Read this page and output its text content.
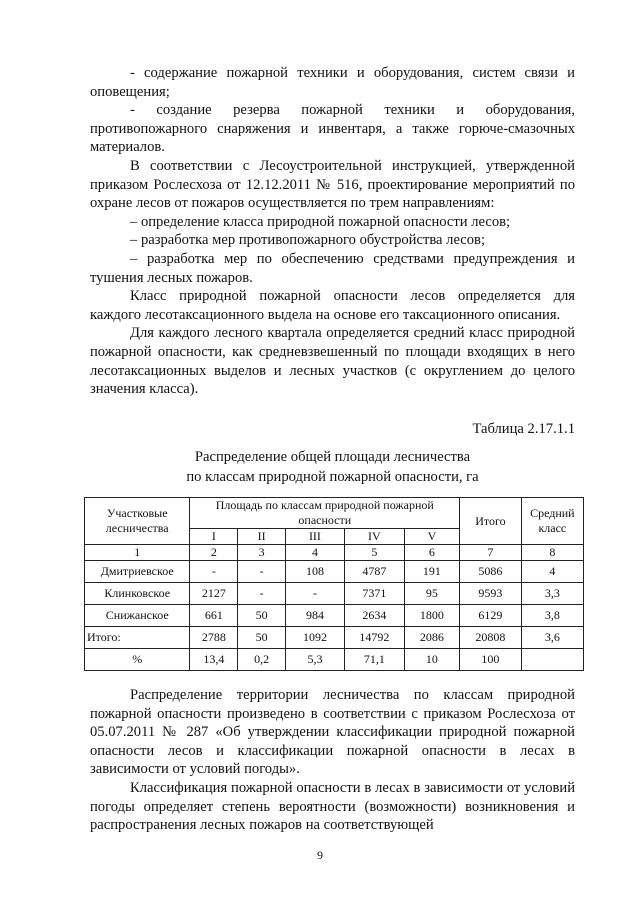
- содержание пожарной техники и оборудования, систем связи и оповещения;

- создание резерва пожарной техники и оборудования, противопожарного снаряжения и инвентаря, а также горюче-смазочных материалов.

В соответствии с Лесоустроительной инструкцией, утвержденной приказом Рослесхоза от 12.12.2011 № 516, проектирование мероприятий по охране лесов от пожаров осуществляется по трем направлениям:

– определение класса природной пожарной опасности лесов;

– разработка мер противопожарного обустройства лесов;

– разработка мер по обеспечению средствами предупреждения и тушения лесных пожаров.

Класс природной пожарной опасности лесов определяется для каждого лесотаксационного выдела на основе его таксационного описания.

Для каждого лесного квартала определяется средний класс природной пожарной опасности, как средневзвешенный по площади входящих в него лесотаксационных выделов и лесных участков (с округлением до целого значения класса).

Таблица 2.17.1.1
Распределение общей площади лесничества
по классам природной пожарной опасности, га
Участковые лесничества	Площадь по классам природной пожарной опасности					Итого	Средний класс
	I	II	III	IV	V		
1	2	3	4	5	6	7	8
Дмитриевское	-	-	108	4787	191	5086	4
Клинковское	2127	-	-	7371	95	9593	3,3
Снижанское	661	50	984	2634	1800	6129	3,8
Итого:	2788	50	1092	14792	2086	20808	3,6
%	13,4	0,2	5,3	71,1	10	100	

Распределение территории лесничества по классам природной пожарной опасности произведено в соответствии с приказом Рослесхоза от 05.07.2011 № 287 «Об утверждении классификации природной пожарной опасности лесов и классификации пожарной опасности в лесах в зависимости от условий погоды».

Классификация пожарной опасности в лесах в зависимости от условий погоды определяет степень вероятности (возможности) возникновения и распространения лесных пожаров на соответствующей

9
